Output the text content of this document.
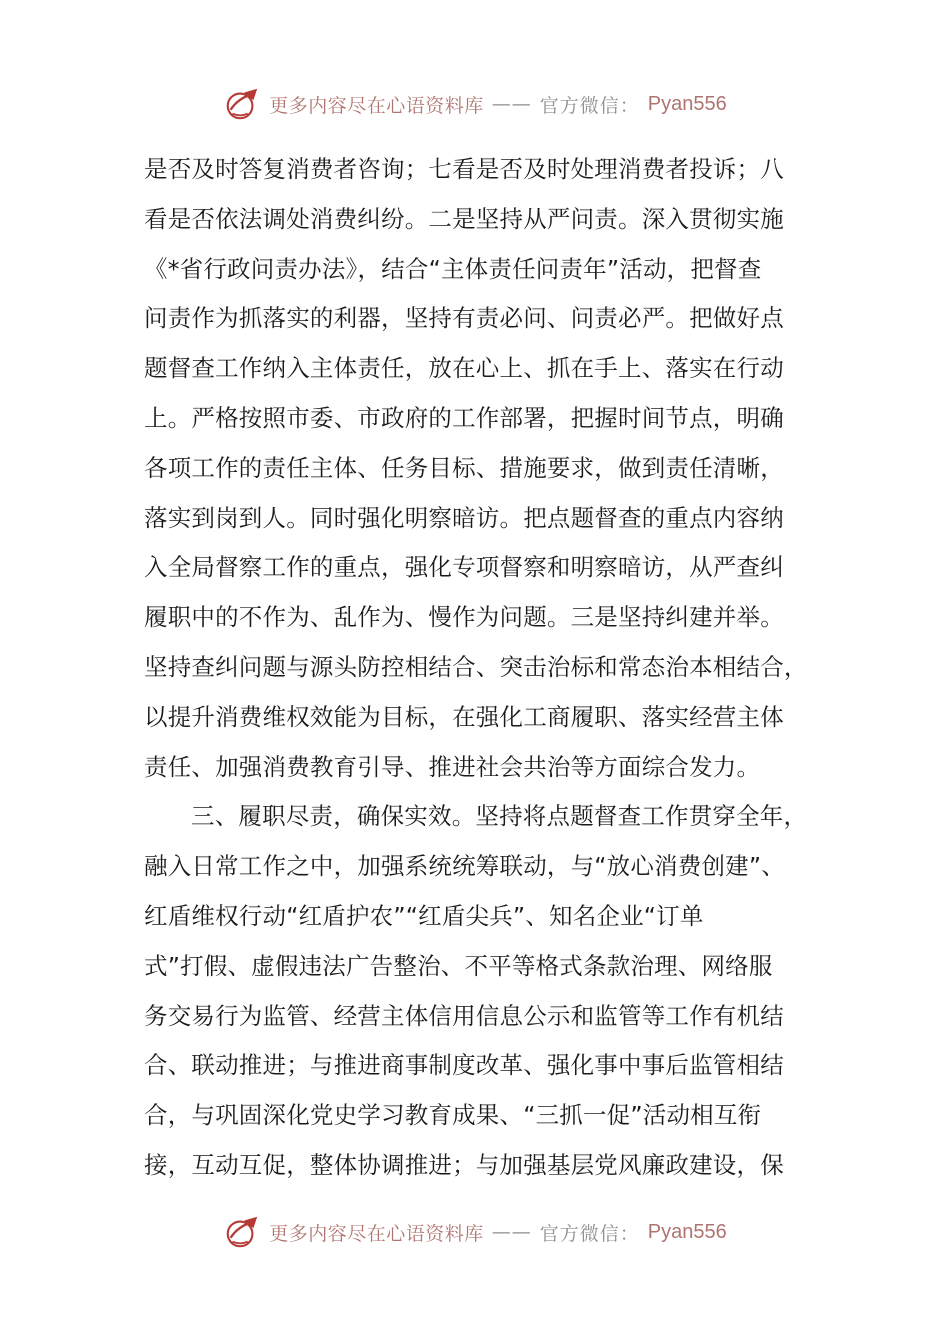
更多内容尽在心语资料库 —— 官方微信： Pyan556
是否及时答复消费者咨询；七看是否及时处理消费者投诉；八
看是否依法调处消费纠纷。二是坚持从严问责。深入贯彻实施
《*省行政问责办法》，结合“主体责任问责年”活动，把督查
问责作为抓落实的利器，坚持有责必问、问责必严。把做好点
题督查工作纳入主体责任，放在心上、抓在手上、落实在行动
上。严格按照市委、市政府的工作部署，把握时间节点，明确
各项工作的责任主体、任务目标、措施要求，做到责任清晰，
落实到岗到人。同时强化明察暗访。把点题督查的重点内容纳
入全局督察工作的重点，强化专项督察和明察暗访，从严查纠
履职中的不作为、乱作为、慢作为问题。三是坚持纠建并举。
坚持查纠问题与源头防控相结合、突击治标和常态治本相结合，
以提升消费维权效能为目标，在强化工商履职、落实经营主体
责任、加强消费教育引导、推进社会共治等方面综合发力。
三、履职尽责，确保实效。坚持将点题督查工作贯穿全年，
融入日常工作之中，加强系统统筹联动，与“放心消费创建”、
红盾维权行动“红盾护农”“红盾尖兵”、知名企业“订单
式”打假、虚假违法广告整治、不平等格式条款治理、网络服
务交易行为监管、经营主体信用信息公示和监管等工作有机结
合、联动推进；与推进商事制度改革、强化事中事后监管相结
合，与巩固深化党史学习教育成果、“三抓一促”活动相互衔
接，互动互促，整体协调推进；与加强基层党风廉政建设，保
更多内容尽在心语资料库 —— 官方微信： Pyan556
